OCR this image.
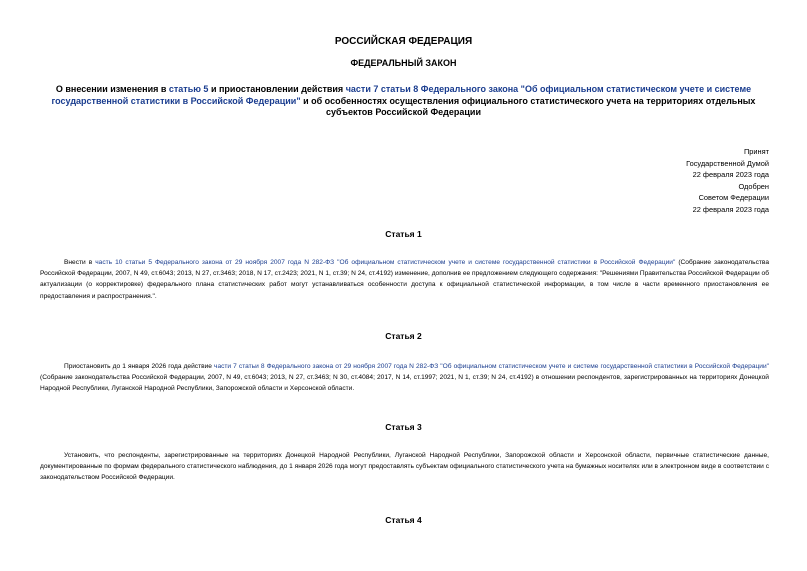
РОССИЙСКАЯ ФЕДЕРАЦИЯ
ФЕДЕРАЛЬНЫЙ ЗАКОН
О внесении изменения в статью 5 и приостановлении действия части 7 статьи 8 Федерального закона "Об официальном статистическом учете и системе государственной статистики в Российской Федерации" и об особенностях осуществления официального статистического учета на территориях отдельных субъектов Российской Федерации
Принят
Государственной Думой
22 февраля 2023 года
Одобрен
Советом Федерации
22 февраля 2023 года
Статья 1
Внести в часть 10 статьи 5 Федерального закона от 29 ноября 2007 года N 282-ФЗ "Об официальном статистическом учете и системе государственной статистики в Российской Федерации" (Собрание законодательства Российской Федерации, 2007, N 49, ст.6043; 2013, N 27, ст.3463; 2018, N 17, ст.2423; 2021, N 1, ст.39; N 24, ст.4192) изменение, дополнив ее предложением следующего содержания: "Решениями Правительства Российской Федерации об актуализации (о корректировке) федерального плана статистических работ могут устанавливаться особенности доступа к официальной статистической информации, в том числе в части временного приостановления ее предоставления и распространения.".
Статья 2
Приостановить до 1 января 2026 года действие части 7 статьи 8 Федерального закона от 29 ноября 2007 года N 282-ФЗ "Об официальном статистическом учете и системе государственной статистики в Российской Федерации" (Собрание законодательства Российской Федерации, 2007, N 49, ст.6043; 2013, N 27, ст.3463; N 30, ст.4084; 2017, N 14, ст.1997; 2021, N 1, ст.39; N 24, ст.4192) в отношении респондентов, зарегистрированных на территориях Донецкой Народной Республики, Луганской Народной Республики, Запорожской области и Херсонской области.
Статья 3
Установить, что респонденты, зарегистрированные на территориях Донецкой Народной Республики, Луганской Народной Республики, Запорожской области и Херсонской области, первичные статистические данные, документированные по формам федерального статистического наблюдения, до 1 января 2026 года могут предоставлять субъектам официального статистического учета на бумажных носителях или в электронном виде в соответствии с законодательством Российской Федерации.
Статья 4
